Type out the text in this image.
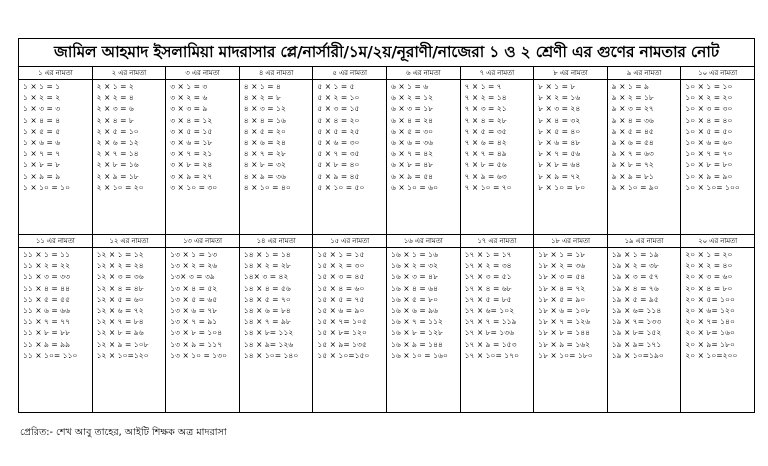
জামিল আহমাদ ইসলামিয়া মাদরাসার প্লে/নার্সারী/১ম/২য়/নূরাণী/নাজেরা ১ ও ২ শ্রেণী এর গুণের নামতার নোট
১ এর নামতা
১ × ১ = ১
১ × ২ = ২
১ × ৩ = ৩
১ × ৪ = ৪
১ × ৫ = ৫
১ × ৬ = ৬
১ × ৭ = ৭
১ × ৮ = ৮
১ × ৯ = ৯
১ × ১০ = ১০
২ এর নামতা
২ × ১ = ২
২ × ২ = ৪
২ × ৩ = ৬
২ × ৪ = ৮
২ × ৫ = ১০
২ × ৬ = ১২
২ × ৭ = ১৪
২ × ৮ = ১৬
২ × ৯ = ১৮
২ × ১০ = ২০
৩ এর নামতা
৩ × ১ = ৩
৩ × ২ = ৬
৩ × ৩ = ৯
৩ × ৪ = ১২
৩ × ৫ = ১৫
৩ × ৬ = ১৮
৩ × ৭ = ২১
৩ × ৮ = ২৪
৩ × ৯ = ২৭
৩ × ১০ = ৩০
৪ এর নামতা
৪ × ১ = ৪
৪ × ২ = ৮
৪ × ৩ = ১২
৪ × ৪ = ১৬
৪ × ৫ = ২০
৪ × ৬ = ২৪
৪ × ৭ = ২৮
৪ × ৮ = ৩২
৪ × ৯ = ৩৬
৪ × ১০ = ৪০
৫ এর নামতা
৫ × ১ = ৫
৫ × ২ = ১০
৫ × ৩ = ১৫
৫ × ৪ = ২০
৫ × ৫ = ২৫
৫ × ৬ = ৩০
৫ × ৭ = ৩৫
৫ × ৮ = ৪০
৫ × ৯ = ৪৫
৫ × ১০ = ৫০
৬ এর নামতা
৬ × ১ = ৬
৬ × ২ = ১২
৬ × ৩ = ১৮
৬ × ৪ = ২৪
৬ × ৫ = ৩০
৬ × ৬ = ৩৬
৬ × ৭ = ৪২
৬ × ৮ = ৪৮
৬ × ৯ = ৫৪
৬ × ১০ = ৬০
৭ এর নামতা
৭ × ১ = ৭
৭ × ২ = ১৪
৭ × ৩ = ২১
৭ × ৪ = ২৮
৭ × ৫ = ৩৫
৭ × ৬ = ৪২
৭ × ৭ = ৪৯
৭ × ৮ = ৫৬
৭ × ৯ = ৬৩
৭ × ১০ = ৭০
৮ এর নামতা
৮ × ১ = ৮
৮ × ২ = ১৬
৮ × ৩ = ২৪
৮ × ৪ = ৩২
৮ × ৫ = ৪০
৮ × ৬ = ৪৮
৮ × ৭ = ৫৬
৮ × ৮ = ৬৪
৮ × ৯ = ৭২
৮ × ১০ = ৮০
৯ এর নামতা
৯ × ১ = ৯
৯ × ২ = ১৮
৯ × ৩ = ২৭
৯ × ৪ = ৩৬
৯ × ৫ = ৪৫
৯ × ৬ = ৫৪
৯ × ৭ = ৬৩
৯ × ৮ = ৭২
৯ × ৯ = ৮১
৯ × ১০ = ৯০
১০ এর নামতা
১০ × ১ = ১০
১০ × ২ = ২০
১০ × ৩ = ৩০
১০ × ৪ = ৪০
১০ × ৫ = ৫০
১০ × ৬ = ৬০
১০ × ৭ = ৭০
১০ × ৮ = ৮০
১০ × ৯ = ৯০
১০ × ১০= ১০০
১১ এর নামতা
১১ × ১ = ১১
১১ × ২ = ২২
১১ × ৩ = ৩৩
১১ × ৪ = ৪৪
১১ × ৫ = ৫৫
১১ × ৬ = ৬৬
১১ × ৭ = ৭৭
১১ × ৮ = ৮৮
১১ × ৯ = ৯৯
১১ × ১০= ১১০
১২ এর নামতা
১২ × ১ = ১২
১২ × ২ = ২৪
১২ × ৩ = ৩৬
১২ × ৪ = ৪৮
১২ × ৫ = ৬০
১২ × ৬ = ৭২
১২ × ৭ = ৮৪
১২ × ৮ = ৯৬
১২ × ৯ = ১০৮
১২ × ১০=১২০
১৩ এর নামতা
১৩ × ১ = ১৩
১৩ × ২ = ২৬
১৩× ৩ = ৩৯
১৩ × ৪ = ৫২
১৩ × ৫ = ৬৫
১৩ × ৬ = ৭৮
১৩ × ৭ = ৯১
১৩ × ৮ = ১০৪
১৩ × ৯ = ১১৭
১৩ × ১০ = ১৩০
১৪ এর নামতা
১৪ × ১ = ১৪
১৪ × ২ = ২৮
১৪× ৩ = ৪২
১৪ × ৪ = ৫৬
১৪ × ৫ = ৭০
১৪ × ৬ = ৮৪
১৪ × ৭ = ৯৮
১৪ × ৮= ১১২
১৪ × ৯= ১২৬
১৪ × ১০= ১৪০
১৫ এর নামতা
১৫ × ১ = ১৫
১৫ × ২ = ৩০
১৫ × ৩ = ৪৫
১৫ × ৪ = ৬০
১৫ × ৫ = ৭৫
১৫ × ৬ = ৯০
১৫ × ৭= ১০৫
১৫ × ৮= ১২০
১৫ × ৯= ১৩৫
১৫ × ১০=১৫০
১৬ এর নামতা
১৬ × ১ = ১৬
১৬ × ২ = ৩২
১৬ × ৩ = ৪৮
১৬ × ৪ = ৬৪
১৬ × ৫ = ৮০
১৬ × ৬ = ৯৬
১৬ × ৭ = ১১২
১৬ × ৮ = ১২৮
১৬ × ৯ = ১৪৪
১৬ × ১০ = ১৬০
১৭ এর নামতা
১৭ × ১ = ১৭
১৭ × ২ = ৩৪
১৭ × ৩ = ৫১
১৭ × ৪ = ৬৮
১৭ × ৫ = ৮৫
১৭ × ৬= ১০২
১৭ × ৭ = ১১৯
১৭ × ৮= ১৩৬
১৭ × ৯ = ১৫৩
১৭ × ১০= ১৭০
১৮ এর নামতা
১৮ × ১ = ১৮
১৮ × ২ = ৩৬
১৮ × ৩ = ৫৪
১৮ × ৪ = ৭২
১৮ × ৫ = ৯০
১৮ × ৬ = ১০৮
১৮ × ৭ = ১২৬
১৮ × ৮ = ১৪৪
১৮ × ৯ = ১৬২
১৮ × ১০= ১৮০
১৯ এর নামতা
১৯ × ১ = ১৯
১৯ × ২ = ৩৮
১৯ × ৩ = ৫৭
১৯ × ৪ = ৭৬
১৯ × ৫ = ৯৫
১৯ × ৬= ১১৪
১৯ × ৭= ১৩৩
১৯ × ৮= ১৫২
১৯ × ৯= ১৭১
১৯ × ১০=১৯০
২০ এর নামতা
২০ × ১ = ২০
২০ × ২ = ৪০
২০ × ৩ = ৬০
২০ × ৪ = ৮০
২০ × ৫= ১০০
২০ × ৬= ১২০
২০ × ৭= ১৪০
২০ × ৮= ১৬০
২০ × ৯= ১৮০
২০ × ১০=২০০
প্রেরিত:- শেখ আবু তাহের, আইটি শিক্ষক অত্র মাদরাসা
